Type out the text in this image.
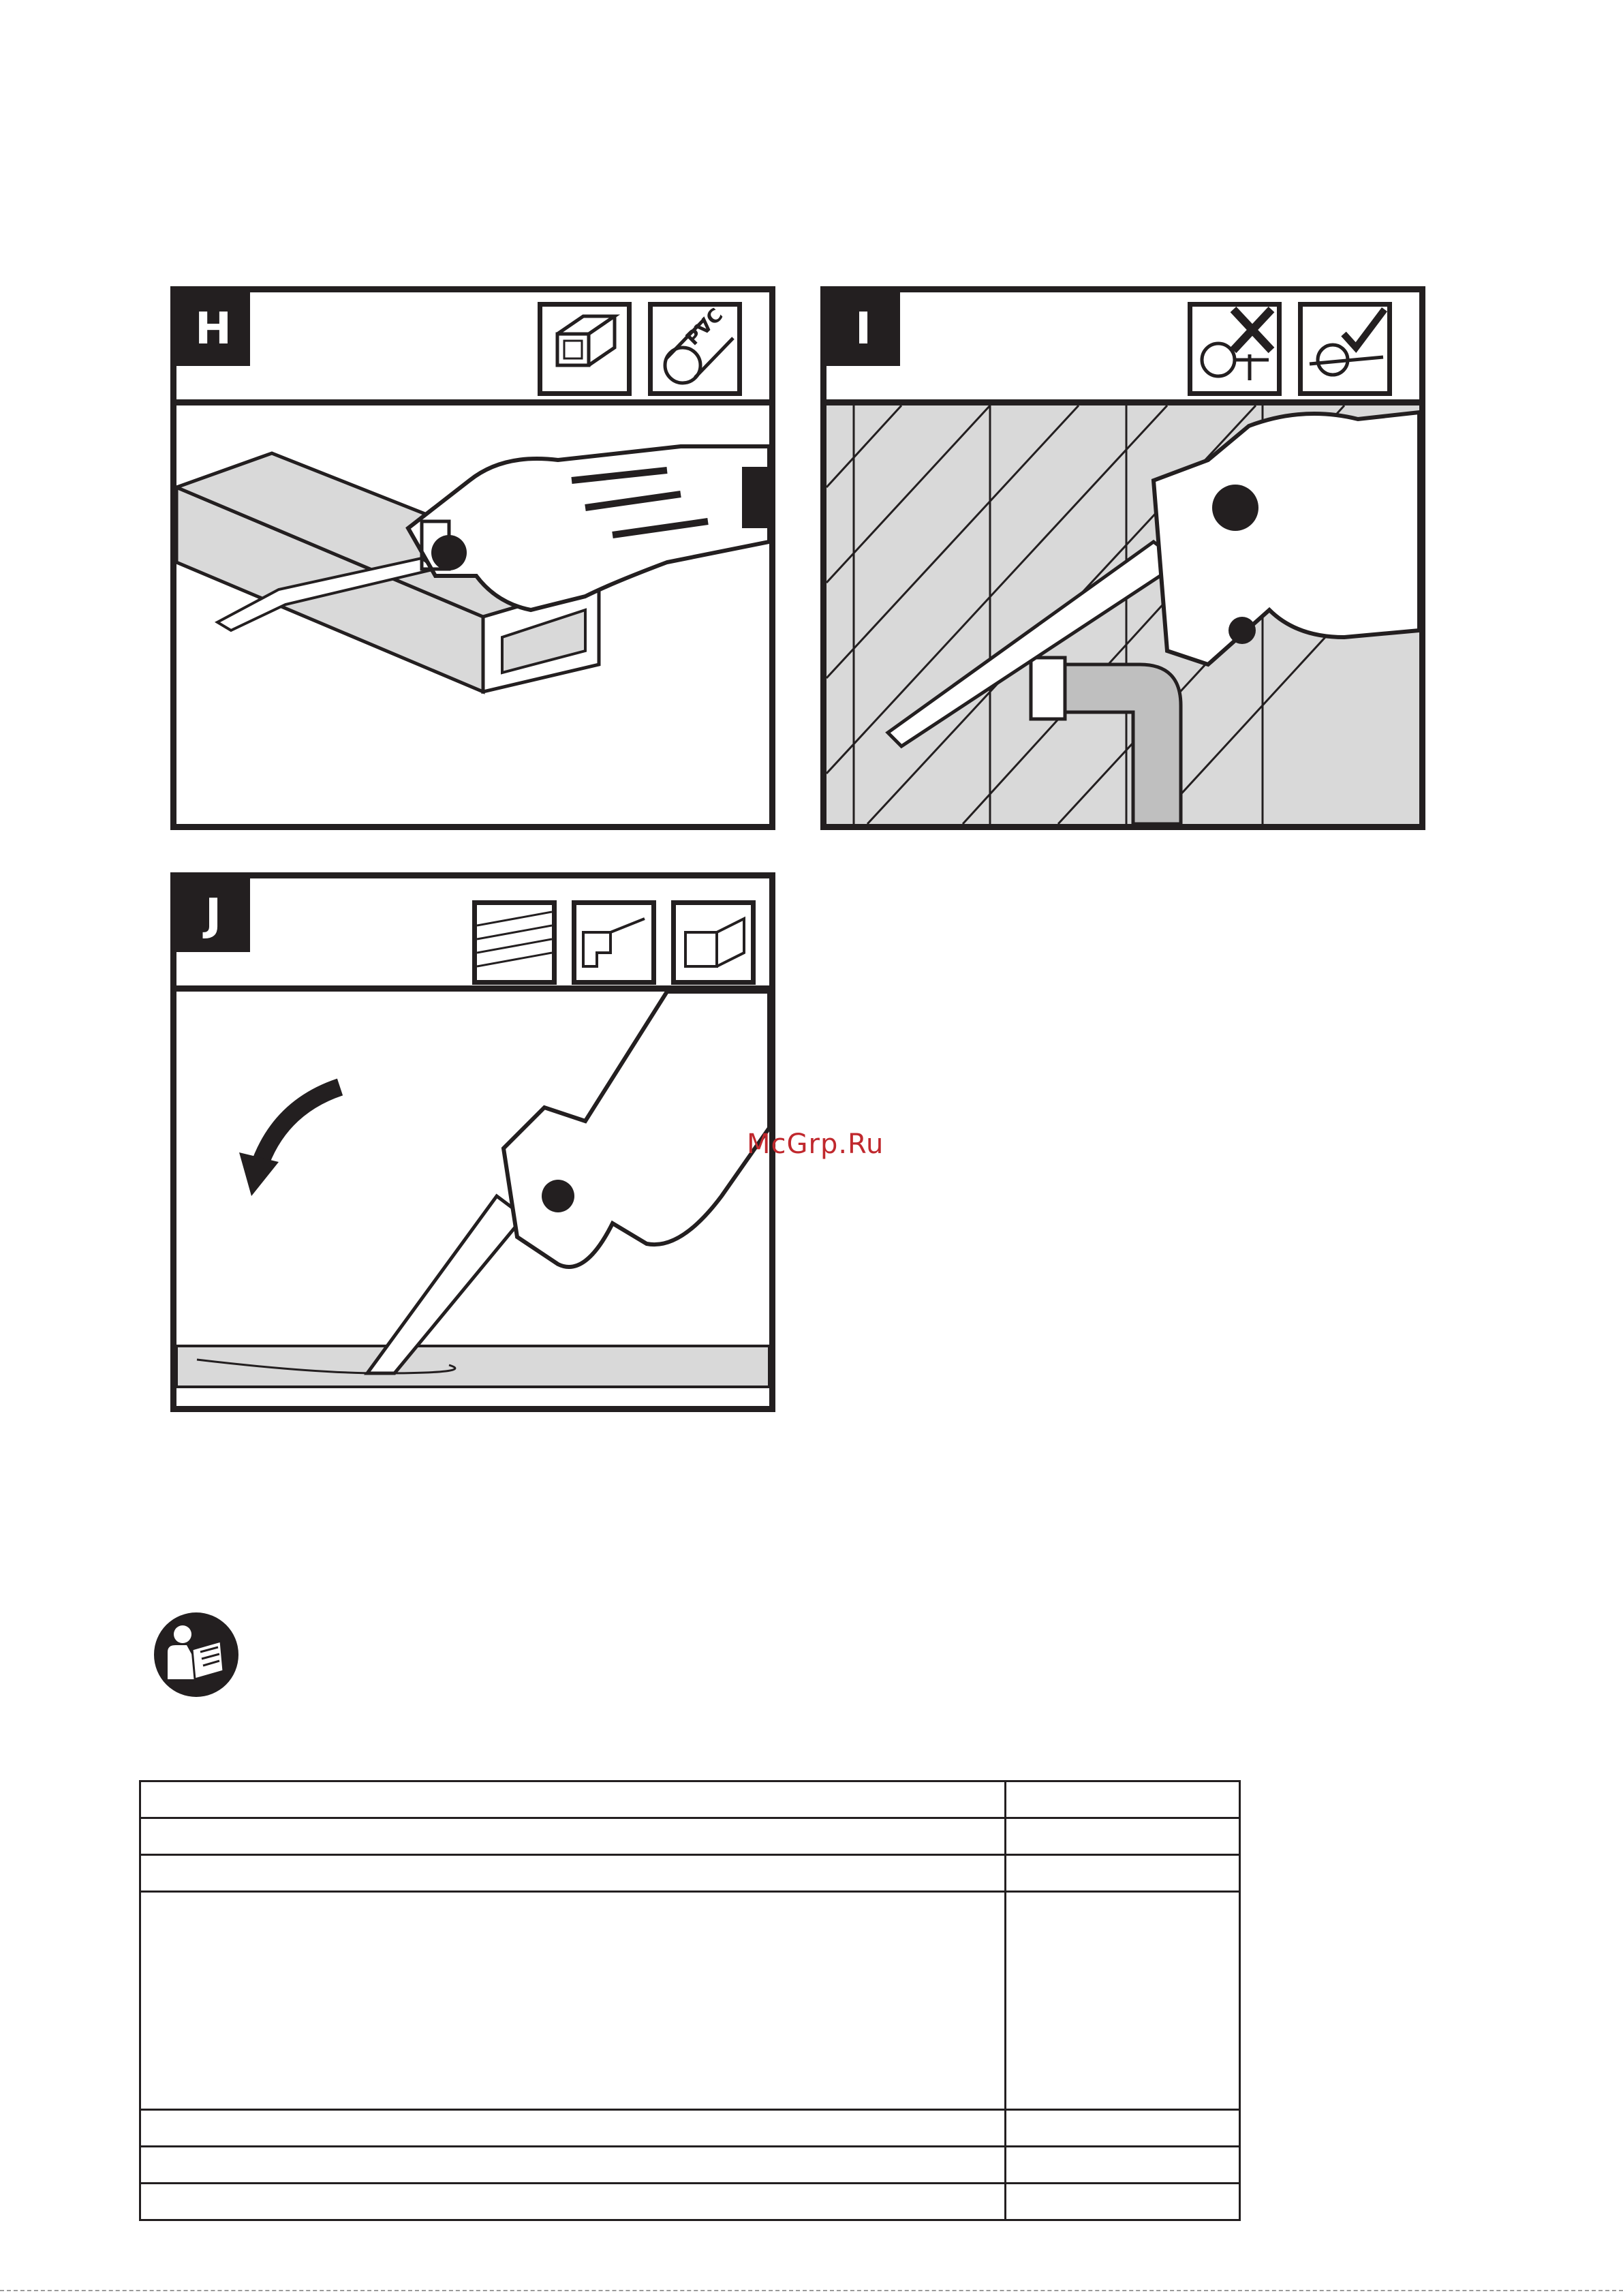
H	PVC	I
J
McGrp.Ru
